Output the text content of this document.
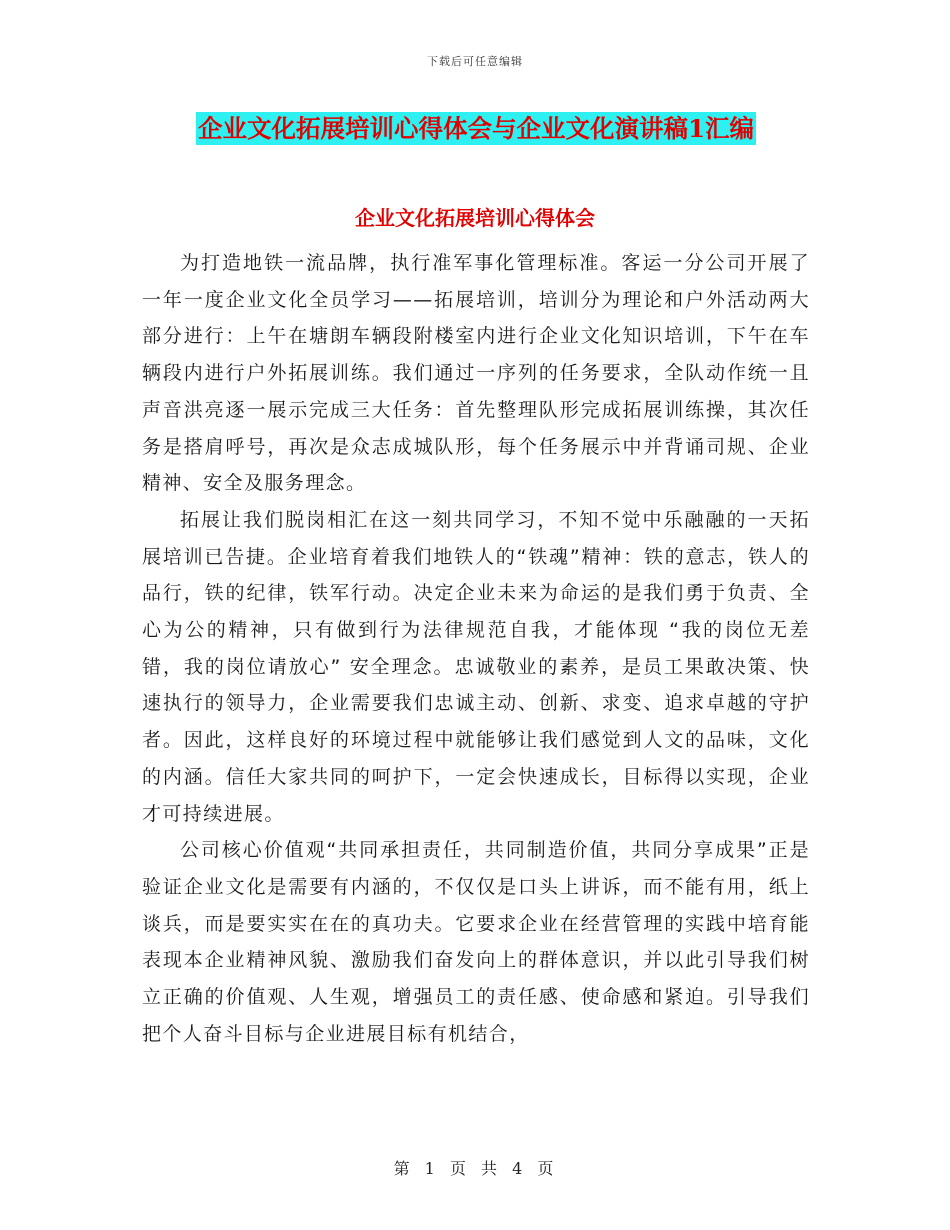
下载后可任意编辑
企业文化拓展培训心得体会与企业文化演讲稿1汇编
企业文化拓展培训心得体会

为打造地铁一流品牌，执行准军事化管理标准。客运一分公司开展了一年一度企业文化全员学习——拓展培训，培训分为理论和户外活动两大部分进行：上午在塘朗车辆段附楼室内进行企业文化知识培训，下午在车辆段内进行户外拓展训练。我们通过一序列的任务要求，全队动作统一且声音洪亮逐一展示完成三大任务：首先整理队形完成拓展训练操，其次任务是搭肩呼号，再次是众志成城队形，每个任务展示中并背诵司规、企业精神、安全及服务理念。

拓展让我们脱岗相汇在这一刻共同学习，不知不觉中乐融融的一天拓展培训已告捷。企业培育着我们地铁人的“铁魂”精神：铁的意志，铁人的品行，铁的纪律，铁军行动。决定企业未来为命运的是我们勇于负责、全心为公的精神，只有做到行为法律规范自我，才能体现 “我的岗位无差错，我的岗位请放心” 安全理念。忠诚敬业的素养，是员工果敢决策、快速执行的领导力，企业需要我们忠诚主动、创新、求变、追求卓越的守护者。因此，这样良好的环境过程中就能够让我们感觉到人文的品味，文化的内涵。信任大家共同的呵护下，一定会快速成长，目标得以实现，企业才可持续进展。

公司核心价值观“共同承担责任，共同制造价值，共同分享成果”正是验证企业文化是需要有内涵的，不仅仅是口头上讲诉，而不能有用，纸上谈兵，而是要实实在在的真功夫。它要求企业在经营管理的实践中培育能表现本企业精神风貌、激励我们奋发向上的群体意识，并以此引导我们树立正确的价值观、人生观，增强员工的责任感、使命感和紧迫。引导我们把个人奋斗目标与企业进展目标有机结合，

第 1 页 共 4 页
